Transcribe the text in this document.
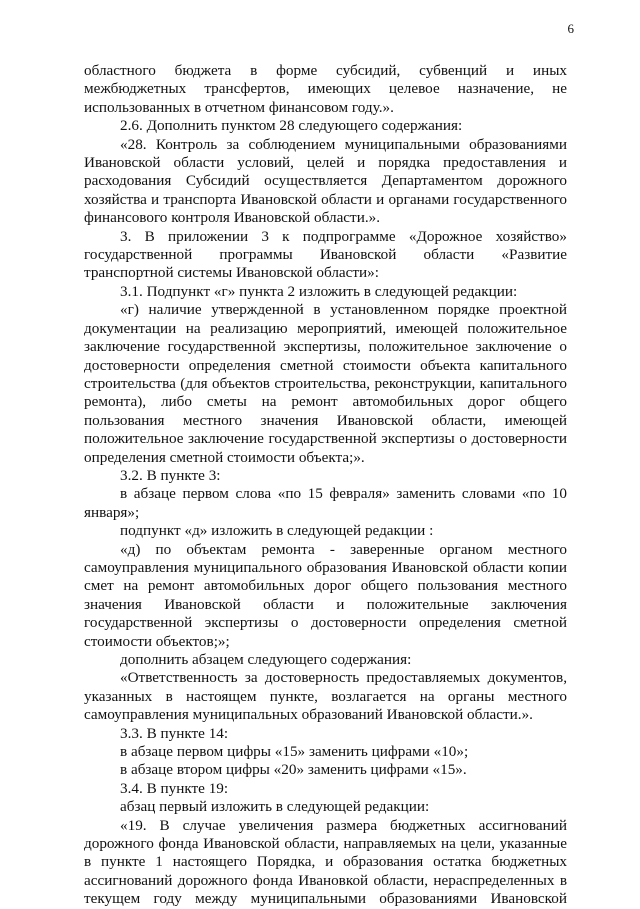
6

областного бюджета в форме субсидий, субвенций и иных межбюджетных трансфертов, имеющих целевое назначение, не использованных в отчетном финансовом году.».

2.6. Дополнить пунктом 28 следующего содержания:

«28. Контроль за соблюдением муниципальными образованиями Ивановской области условий, целей и порядка предоставления и расходования Субсидий осуществляется Департаментом дорожного хозяйства и транспорта Ивановской области и органами государственного финансового контроля Ивановской области.».

3. В приложении 3 к подпрограмме «Дорожное хозяйство» государственной программы Ивановской области «Развитие транспортной системы Ивановской области»:

3.1. Подпункт «г» пункта 2 изложить в следующей редакции:

«г) наличие утвержденной в установленном порядке проектной документации на реализацию мероприятий, имеющей положительное заключение государственной экспертизы, положительное заключение о достоверности определения сметной стоимости объекта капитального строительства (для объектов строительства, реконструкции, капитального ремонта), либо сметы на ремонт автомобильных дорог общего пользования местного значения Ивановской области, имеющей положительное заключение государственной экспертизы о достоверности определения сметной стоимости объекта;».

3.2. В пункте 3:

в абзаце первом слова «по 15 февраля» заменить словами «по 10 января»;

подпункт «д» изложить в следующей редакции :

«д) по объектам ремонта - заверенные органом местного самоуправления муниципального образования Ивановской области копии смет на ремонт автомобильных дорог общего пользования местного значения Ивановской области и положительные заключения государственной экспертизы о достоверности определения сметной стоимости объектов;»;

дополнить абзацем следующего содержания:

«Ответственность за достоверность предоставляемых документов, указанных в настоящем пункте, возлагается на органы местного самоуправления муниципальных образований Ивановской области.».

3.3. В пункте 14:

в абзаце первом цифры «15» заменить цифрами «10»;

в абзаце втором цифры «20» заменить цифрами «15».

3.4. В пункте 19:

абзац первый изложить в следующей редакции:

«19. В случае увеличения размера бюджетных ассигнований дорожного фонда Ивановской области, направляемых на цели, указанные в пункте 1 настоящего Порядка, и образования остатка бюджетных ассигнований дорожного фонда Ивановкой области, нераспределенных в текущем году между муниципальными образованиями Ивановской
